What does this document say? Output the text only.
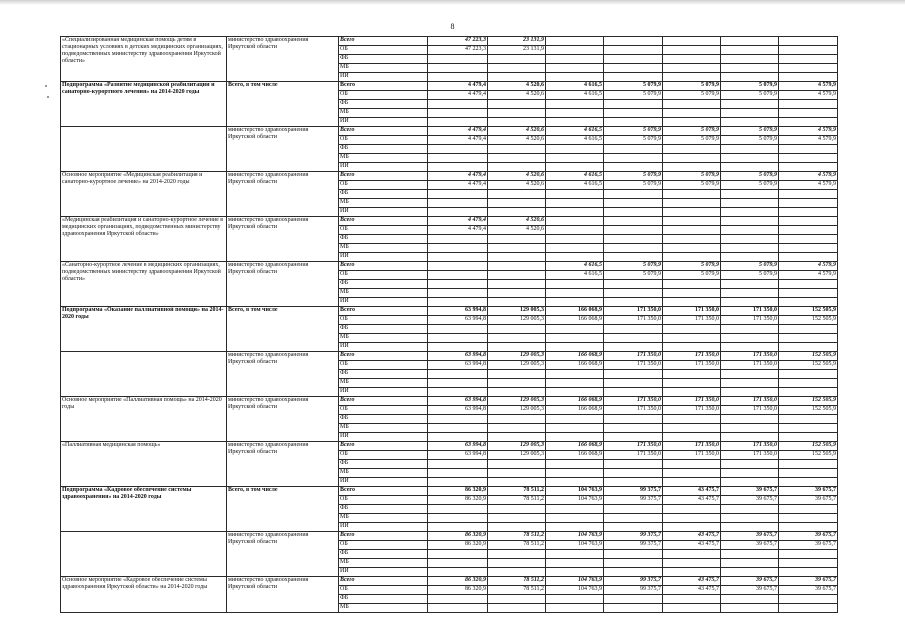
8
«Специализированная медицинская помощь детям в стационарных условиях в детских медицинских организациях, подведомственных министерству здравоохранения Иркутской области»	министерство здравоохранения Иркутской области	Всего	47 223,3	23 131,9					
		ОБ	47 223,3	23 131,9					
		ФБ							
		МБ							
		ИИ							
Подпрограмма «Развитие медицинской реабилитации и санаторно-курортного лечения» на 2014-2020 годы	Всего, в том числе	Всего	4 479,4	4 520,6	4 616,5	5 079,9	5 079,9	5 079,9	4 579,9
		ОБ	4 479,4	4 520,6	4 616,5	5 079,9	5 079,9	5 079,9	4 579,9
		ФБ							
		МБ							
		ИИ							
	министерство здравоохранения Иркутской области	Всего	4 479,4	4 520,6	4 616,5	5 079,9	5 079,9	5 079,9	4 579,9
		ОБ	4 479,4	4 520,6	4 616,5	5 079,9	5 079,9	5 079,9	4 579,9
		ФБ							
		МБ							
		ИИ							
Основное мероприятие «Медицинская реабилитация и санаторно-курортное лечение» на 2014-2020 годы	министерство здравоохранения Иркутской области	Всего	4 479,4	4 520,6	4 616,5	5 079,9	5 079,9	5 079,9	4 579,9
		ОБ	4 479,4	4 520,6	4 616,5	5 079,9	5 079,9	5 079,9	4 579,9
		ФБ							
		МБ							
		ИИ							
«Медицинская реабилитация и санаторно-курортное лечение в медицинских организациях, подведомственных министерству здравоохранения Иркутской области»	министерство здравоохранения Иркутской области	Всего	4 479,4	4 520,6					
		ОБ	4 479,4	4 520,6					
		ФБ							
		МБ							
		ИИ							
«Санаторно-курортное лечение в медицинских организациях, подведомственных министерству здравоохранения Иркутской области»	министерство здравоохранения Иркутской области	Всего			4 616,5	5 079,9	5 079,9	5 079,9	4 579,9
		ОБ			4 616,5	5 079,9	5 079,9	5 079,9	4 579,9
		ФБ							
		МБ							
		ИИ							
Подпрограмма «Оказание паллиативной помощи» на 2014-2020 годы	Всего, в том числе	Всего	63 994,8	129 005,3	166 068,9	171 350,0	171 350,0	171 350,0	152 505,9
		ОБ	63 994,8	129 005,3	166 068,9	171 350,0	171 350,0	171 350,0	152 505,9
		ФБ							
		МБ							
		ИИ							
	министерство здравоохранения Иркутской области	Всего	63 994,8	129 005,3	166 068,9	171 350,0	171 350,0	171 350,0	152 505,9
		ОБ	63 994,8	129 005,3	166 068,9	171 350,0	171 350,0	171 350,0	152 505,9
		ФБ							
		МБ							
		ИИ							
Основное мероприятие «Паллиативная помощь» на 2014-2020 годы	министерство здравоохранения Иркутской области	Всего	63 994,8	129 005,3	166 068,9	171 350,0	171 350,0	171 350,0	152 505,9
		ОБ	63 994,8	129 005,3	166 068,9	171 350,0	171 350,0	171 350,0	152 505,9
		ФБ							
		МБ							
		ИИ							
«Паллиативная медицинская помощь»	министерство здравоохранения Иркутской области	Всего	63 994,8	129 005,3	166 068,9	171 350,0	171 350,0	171 350,0	152 505,9
		ОБ	63 994,8	129 005,3	166 068,9	171 350,0	171 350,0	171 350,0	152 505,9
		ФБ							
		МБ							
		ИИ							
Подпрограмма «Кадровое обеспечение системы здравоохранения» на 2014-2020 годы	Всего, в том числе	Всего	86 320,9	78 511,2	104 763,9	99 375,7	43 475,7	39 675,7	39 675,7
		ОБ	86 320,9	78 511,2	104 763,9	99 375,7	43 475,7	39 675,7	39 675,7
		ФБ							
		МБ							
		ИИ							
	министерство здравоохранения Иркутской области	Всего	86 320,9	78 511,2	104 763,9	99 375,7	43 475,7	39 675,7	39 675,7
		ОБ	86 320,9	78 511,2	104 763,9	99 375,7	43 475,7	39 675,7	39 675,7
		ФБ							
		МБ							
		ИИ							
Основное мероприятие «Кадровое обеспечение системы здравоохранения Иркутской области» на 2014-2020 годы	министерство здравоохранения Иркутской области	Всего	86 320,9	78 511,2	104 763,9	99 375,7	43 475,7	39 675,7	39 675,7
		ОБ	86 320,9	78 511,2	104 763,9	99 375,7	43 475,7	39 675,7	39 675,7
		ФБ							
		МБ							
